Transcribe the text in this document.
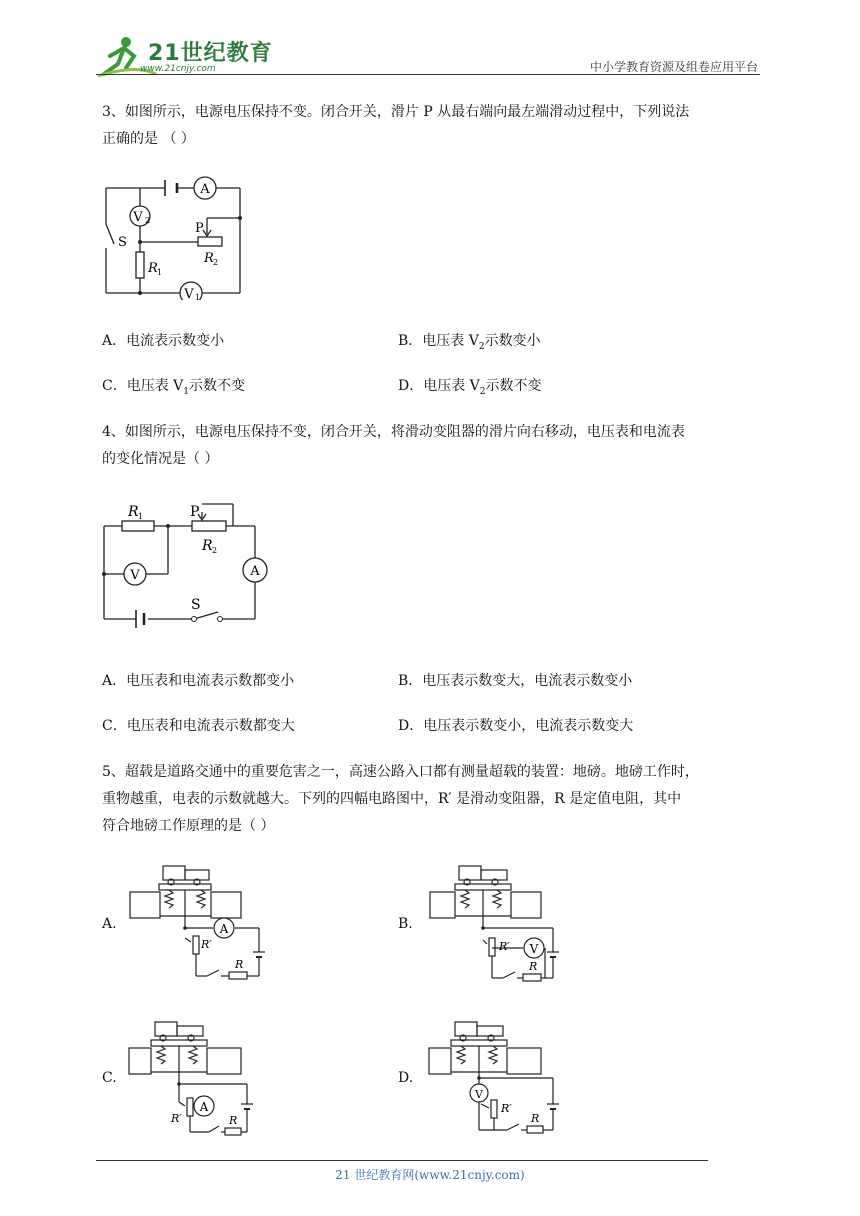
21世纪教育
www.21cnjy.com	中小学教育资源及组卷应用平台
3、如图所示，电源电压保持不变。闭合开关，滑片 P 从最右端向最左端滑动过程中，下列说法
正确的是 （ ）
A
V 2
V 1
S
P
R 1
R 2
A．电流表示数变小	B．电压表 $V_2$示数变小
C．电压表 $V_1$示数不变	D．电压表 $V_2$示数不变
4、如图所示，电源电压保持不变，闭合开关，将滑动变阻器的滑片向右移动，电压表和电流表
的变化情况是（ ）
V	A
R 1	P
R 2
S
A．电压表和电流表示数都变小	B．电压表示数变大，电流表示数变小
C．电压表和电流表示数都变大	D．电压表示数变小，电流表示数变大
5、超载是道路交通中的重要危害之一，高速公路入口都有测量超载的装置：地磅。地磅工作时，
重物越重，电表的示数就越大。下列的四幅电路图中，R′ 是滑动变阻器，R 是定值电阻，其中
符合地磅工作原理的是（ ）
A.	B.
C.	D.
A
R′
R
V
R′
R
A
R′	R
V
R′
R
21 世纪教育网(www.21cnjy.com)
